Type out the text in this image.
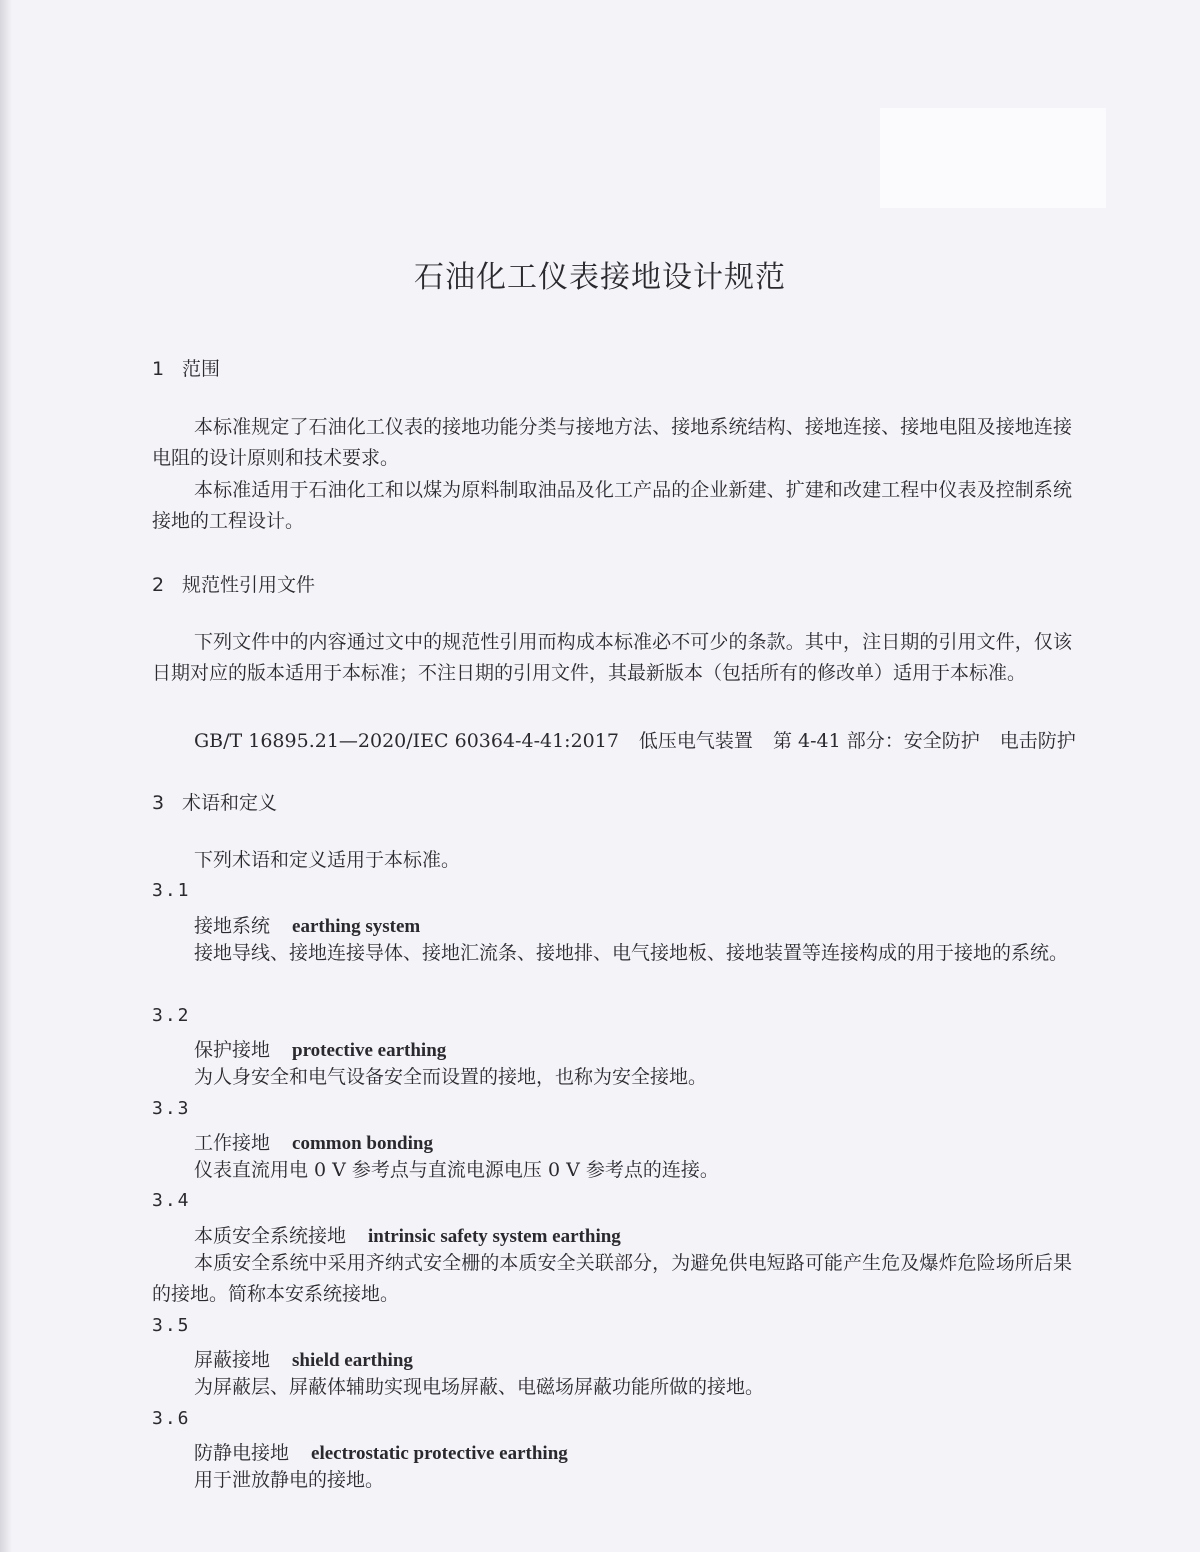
石油化工仪表接地设计规范
1 范围

本标准规定了石油化工仪表的接地功能分类与接地方法、接地系统结构、接地连接、接地电阻及接地连接电阻的设计原则和技术要求。

本标准适用于石油化工和以煤为原料制取油品及化工产品的企业新建、扩建和改建工程中仪表及控制系统接地的工程设计。

2 规范性引用文件

下列文件中的内容通过文中的规范性引用而构成本标准必不可少的条款。其中，注日期的引用文件，仅该日期对应的版本适用于本标准；不注日期的引用文件，其最新版本（包括所有的修改单）适用于本标准。

GB/T 16895.21—2020/IEC 60364-4-41:2017 低压电气装置 第 4-41 部分：安全防护 电击防护

3 术语和定义

下列术语和定义适用于本标准。

3.1
接地系统 earthing system

接地导线、接地连接导体、接地汇流条、接地排、电气接地板、接地装置等连接构成的用于接地的系统。

3.2
保护接地 protective earthing

为人身安全和电气设备安全而设置的接地，也称为安全接地。

3.3
工作接地 common bonding

仪表直流用电 0 V 参考点与直流电源电压 0 V 参考点的连接。

3.4
本质安全系统接地 intrinsic safety system earthing

本质安全系统中采用齐纳式安全栅的本质安全关联部分，为避免供电短路可能产生危及爆炸危险场所后果的接地。简称本安系统接地。

3.5
屏蔽接地 shield earthing

为屏蔽层、屏蔽体辅助实现电场屏蔽、电磁场屏蔽功能所做的接地。

3.6
防静电接地 electrostatic protective earthing

用于泄放静电的接地。
